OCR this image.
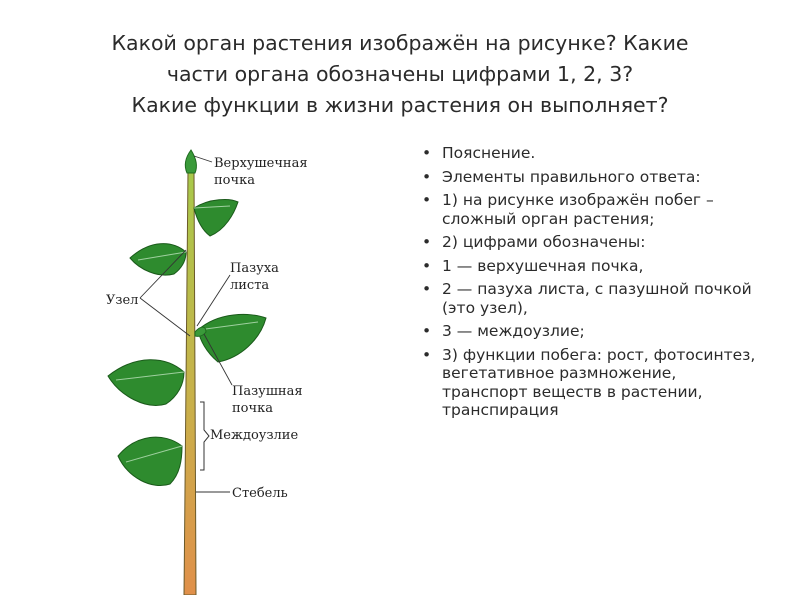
Какой орган растения изображён на рисунке? Какие
части органа обозначены цифрами 1, 2, 3?
Какие функции в жизни растения он выполняет?
Верхушечная
почка
Пазуха
листа
Узел
Пазушная
почка
Междоузлие
Стебель
• Пояснение.
• Элементы правильного ответа:
• 1) на рисунке изображён побег – сложный орган растения;
• 2) цифрами обозначены:
• 1 — верхушечная почка,
• 2 — пазуха листа, с пазушной почкой (это узел),
• 3 — междоузлие;
• 3) функции побега: рост, фотосинтез, вегетативное размножение, транспорт веществ в растении, транспирация
